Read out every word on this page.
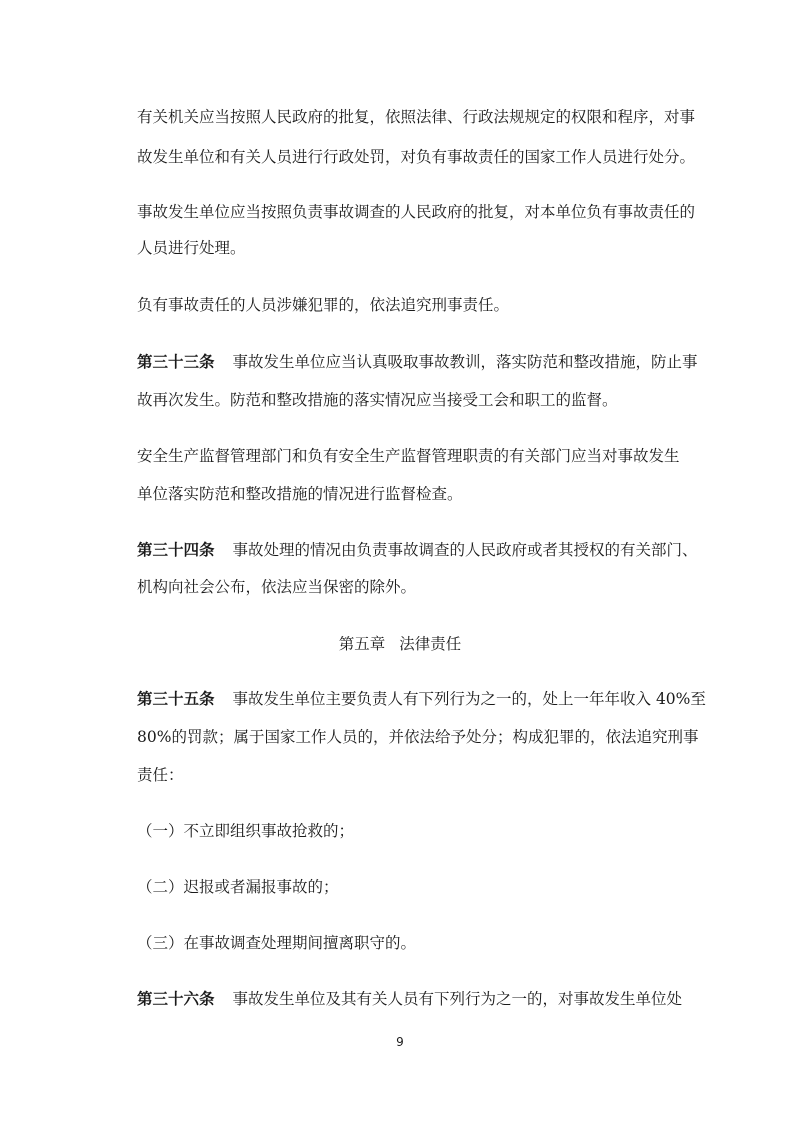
有关机关应当按照人民政府的批复，依照法律、行政法规规定的权限和程序，对事

故发生单位和有关人员进行行政处罚，对负有事故责任的国家工作人员进行处分。

事故发生单位应当按照负责事故调查的人民政府的批复，对本单位负有事故责任的

人员进行处理。

负有事故责任的人员涉嫌犯罪的，依法追究刑事责任。

第三十三条 事故发生单位应当认真吸取事故教训，落实防范和整改措施，防止事

故再次发生。防范和整改措施的落实情况应当接受工会和职工的监督。

安全生产监督管理部门和负有安全生产监督管理职责的有关部门应当对事故发生

单位落实防范和整改措施的情况进行监督检查。

第三十四条 事故处理的情况由负责事故调查的人民政府或者其授权的有关部门、

机构向社会公布，依法应当保密的除外。

第五章 法律责任

第三十五条 事故发生单位主要负责人有下列行为之一的，处上一年年收入 40%至

80%的罚款；属于国家工作人员的，并依法给予处分；构成犯罪的，依法追究刑事

责任：

（一）不立即组织事故抢救的；

（二）迟报或者漏报事故的；

（三）在事故调查处理期间擅离职守的。

第三十六条 事故发生单位及其有关人员有下列行为之一的，对事故发生单位处

9
